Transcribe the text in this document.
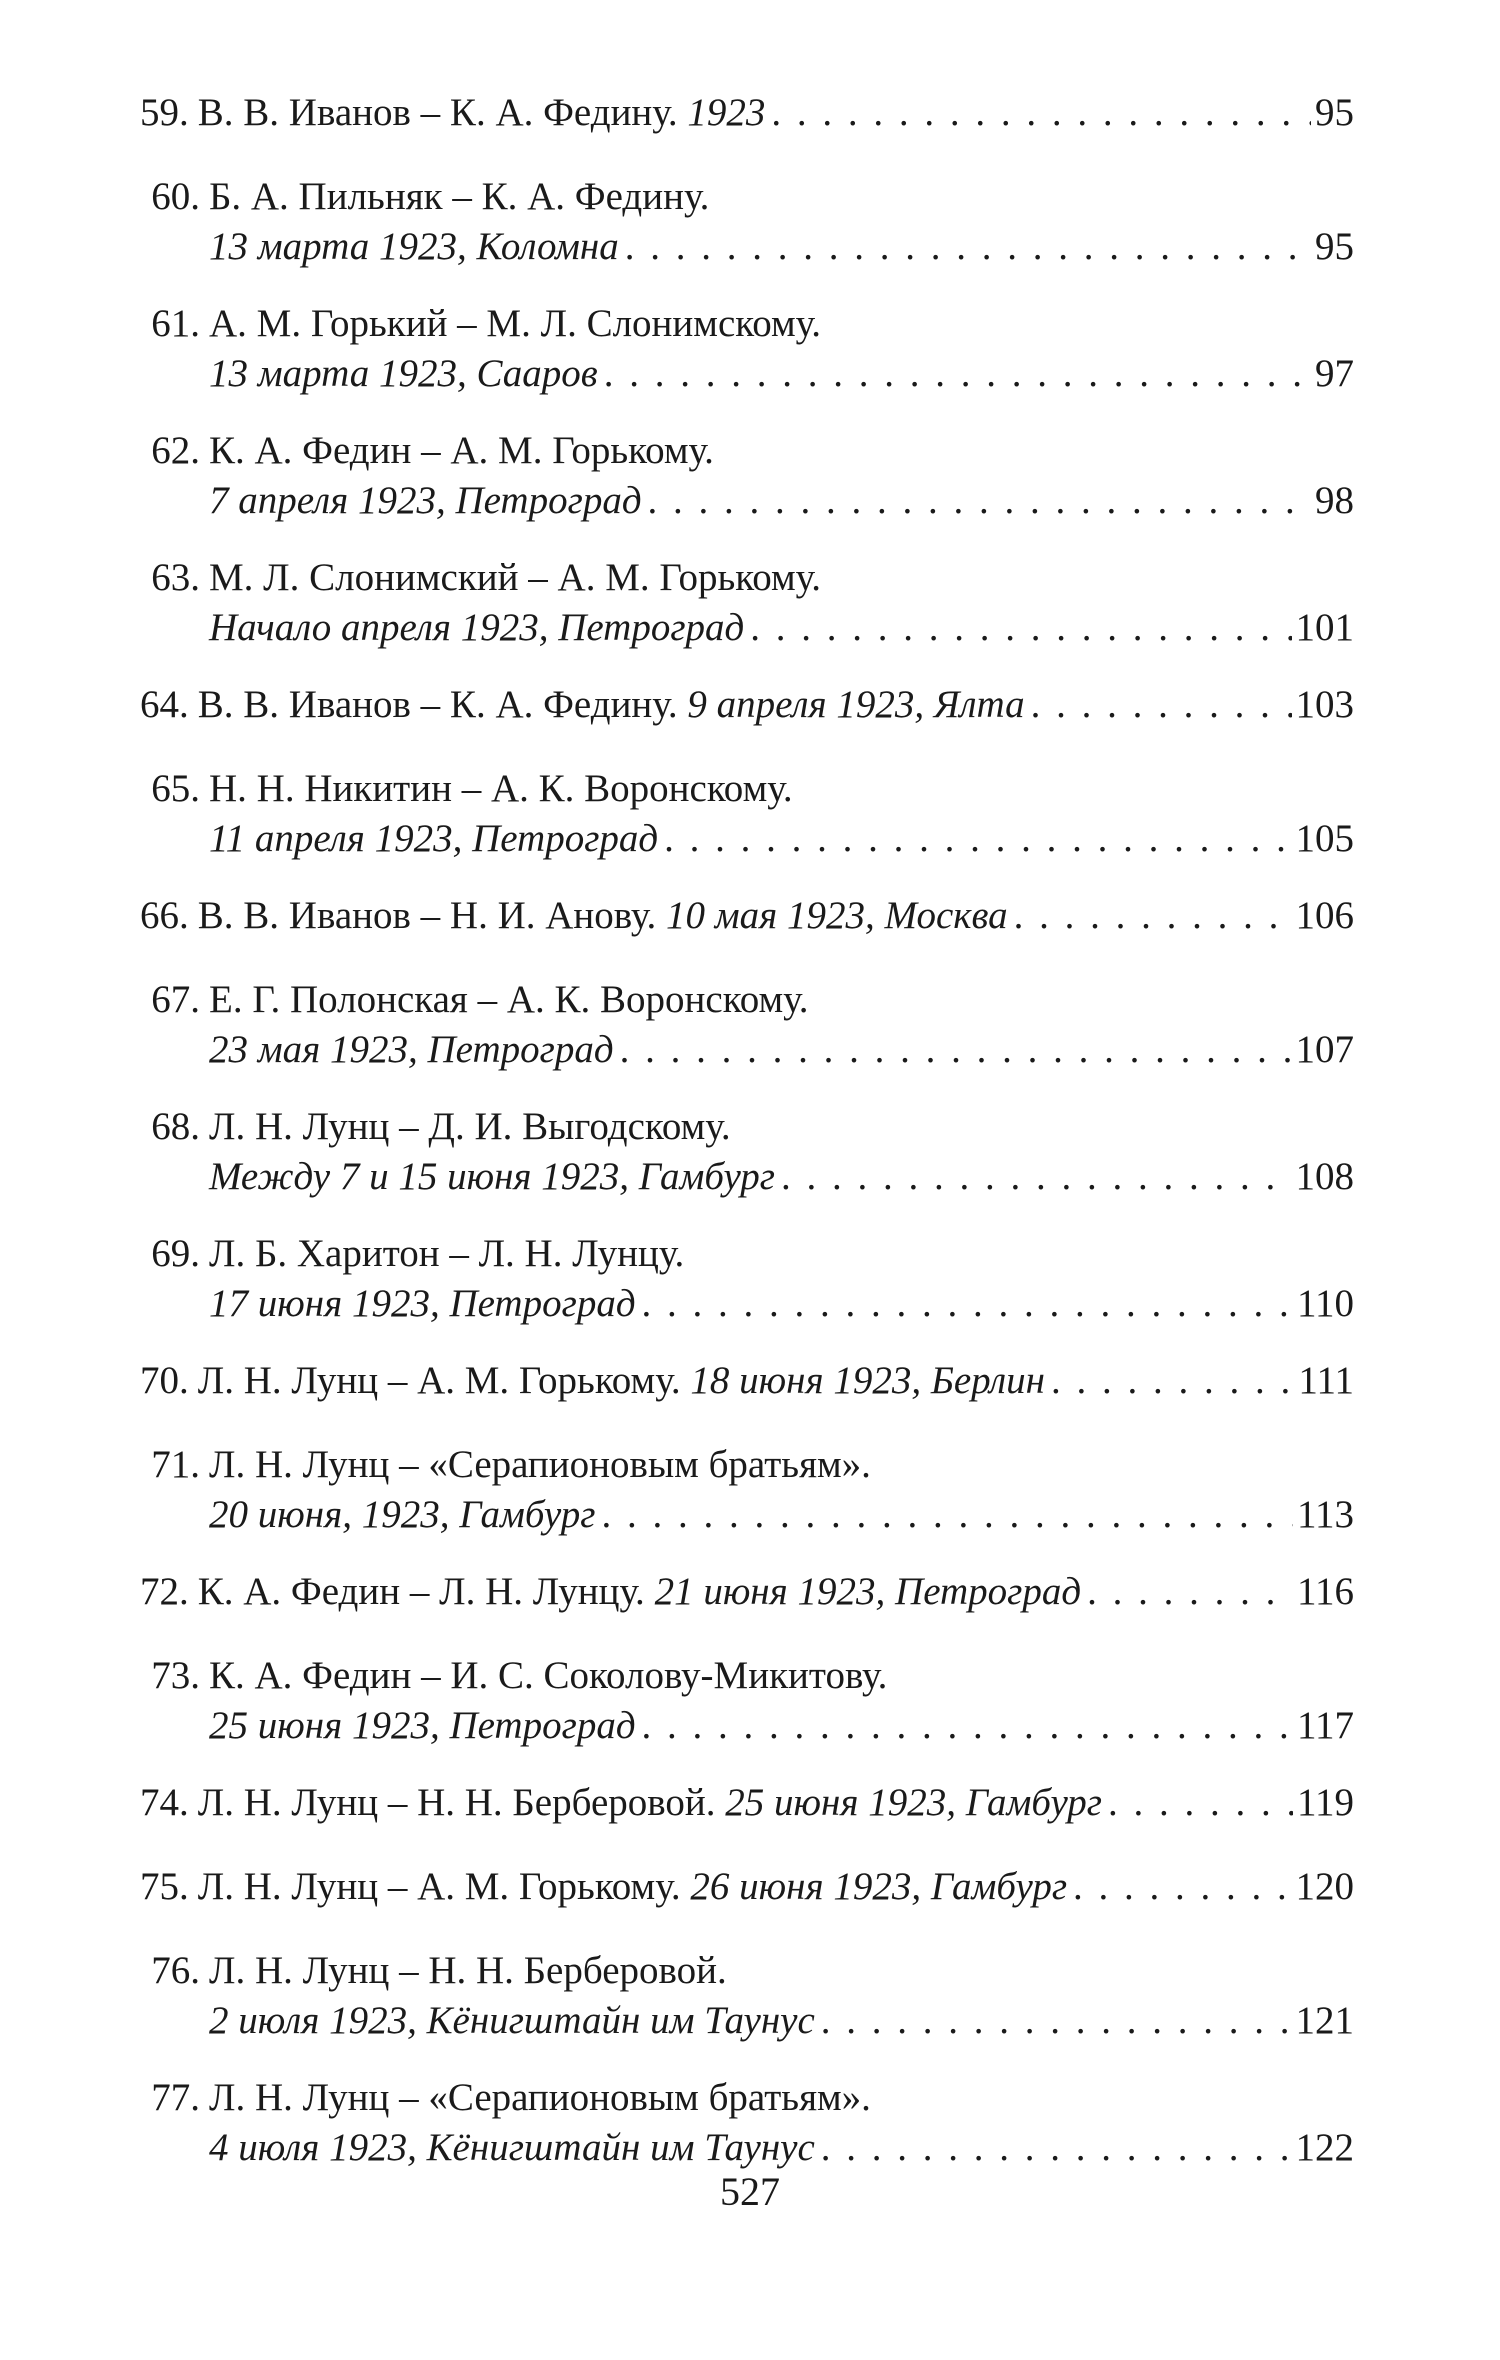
59. В. В. Иванов – К. А. Федину. 1923 . . .	95
60. Б. А. Пильняк – К. А. Федину.
13 марта 1923, Коломна . . .	95
61. А. М. Горький – М. Л. Слонимскому.
13 марта 1923, Сааров . . .	97
62. К. А. Федин – А. М. Горькому.
7 апреля 1923, Петроград . . .	98
63. М. Л. Слонимский – А. М. Горькому.
Начало апреля 1923, Петроград . . .	101
64. В. В. Иванов – К. А. Федину. 9 апреля 1923, Ялта . . .	103
65. Н. Н. Никитин – А. К. Воронскому.
11 апреля 1923, Петроград . . .	105
66. В. В. Иванов – Н. И. Анову. 10 мая 1923, Москва . . .	106
67. Е. Г. Полонская – А. К. Воронскому.
23 мая 1923, Петроград . . .	107
68. Л. Н. Лунц – Д. И. Выгодскому.
Между 7 и 15 июня 1923, Гамбург . . .	108
69. Л. Б. Харитон – Л. Н. Лунцу.
17 июня 1923, Петроград . . .	110
70. Л. Н. Лунц – А. М. Горькому. 18 июня 1923, Берлин . . .	111
71. Л. Н. Лунц – «Серапионовым братьям».
20 июня, 1923, Гамбург . . .	113
72. К. А. Федин – Л. Н. Лунцу. 21 июня 1923, Петроград . . .	116
73. К. А. Федин – И. С. Соколову-Микитову.
25 июня 1923, Петроград . . .	117
74. Л. Н. Лунц – Н. Н. Берберовой. 25 июня 1923, Гамбург . . .	119
75. Л. Н. Лунц – А. М. Горькому. 26 июня 1923, Гамбург . . .	120
76. Л. Н. Лунц – Н. Н. Берберовой.
2 июля 1923, Кёнигштайн им Таунус . . .	121
77. Л. Н. Лунц – «Серапионовым братьям».
4 июля 1923, Кёнигштайн им Таунус . . .	122
527
